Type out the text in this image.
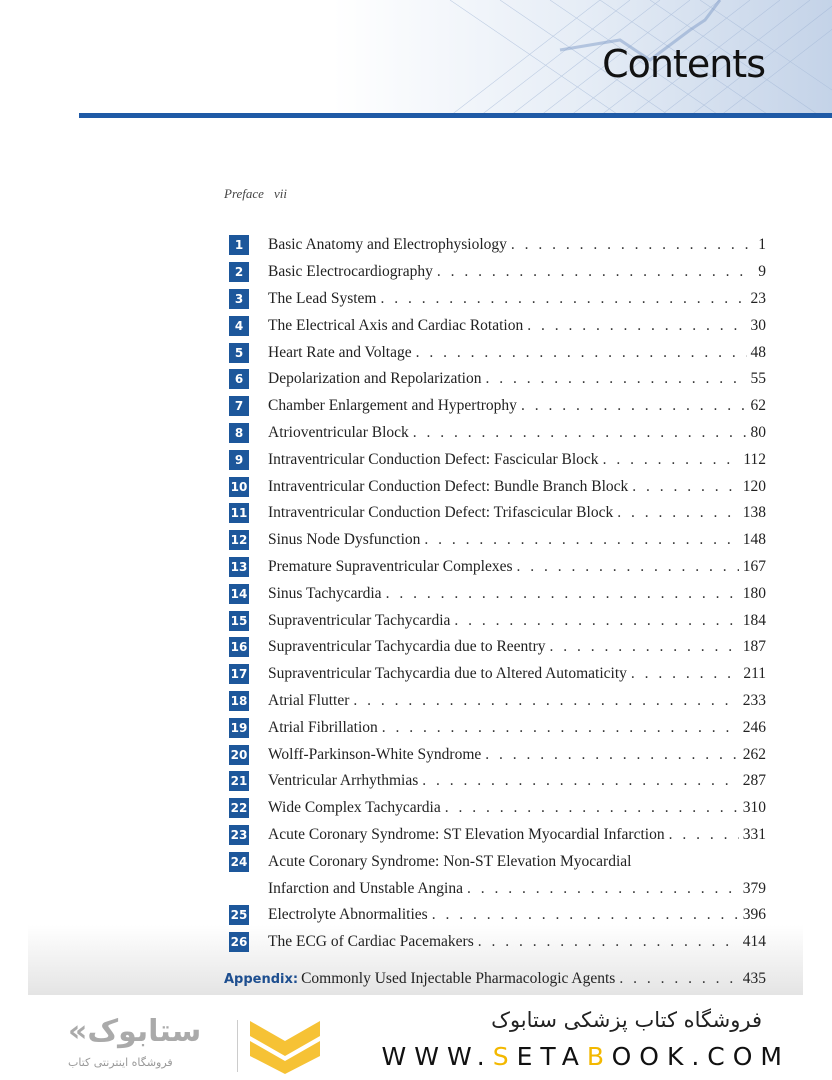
Contents
Preface vii
1	Basic Anatomy and Electrophysiology . . .	1
2	Basic Electrocardiography . . .	9
3	The Lead System . . .	23
4	The Electrical Axis and Cardiac Rotation . . .	30
5	Heart Rate and Voltage . . .	48
6	Depolarization and Repolarization . . .	55
7	Chamber Enlargement and Hypertrophy . . .	62
8	Atrioventricular Block . . .	80
9	Intraventricular Conduction Defect: Fascicular Block . . .	112
10 Intraventricular Conduction Defect: Bundle Branch Block . . .	120
11 Intraventricular Conduction Defect: Trifascicular Block . . .	138
12 Sinus Node Dysfunction . . .	148
13 Premature Supraventricular Complexes . . .	167
14 Sinus Tachycardia . . .	180
15 Supraventricular Tachycardia . . .	184
16 Supraventricular Tachycardia due to Reentry . . .	187
17 Supraventricular Tachycardia due to Altered Automaticity . . .	211
18 Atrial Flutter . . .	233
19 Atrial Fibrillation . . .	246
20 Wolff-Parkinson-White Syndrome . . .	262
21 Ventricular Arrhythmias . . .	287
22 Wide Complex Tachycardia . . .	310
23 Acute Coronary Syndrome: ST Elevation Myocardial Infarction . . .	331
24 Acute Coronary Syndrome: Non-ST Elevation Myocardial
Infarction and Unstable Angina . . .	379
25 Electrolyte Abnormalities . . .	396
26 The ECG of Cardiac Pacemakers . . .	414
Appendix: Commonly Used Injectable Pharmacologic Agents . . .	435
«ستابوک
فروشگاه اینترنتی کتاب
فروشگاه کتاب پزشکی ستابوک
WWW.SETABOOK.COM
